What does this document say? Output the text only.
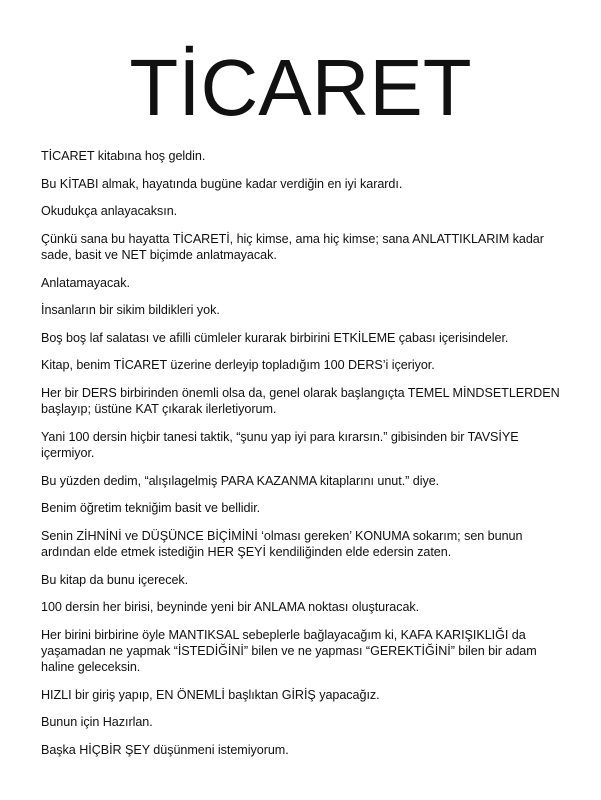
TİCARET

TİCARET kitabına hoş geldin.

Bu KİTABI almak, hayatında bugüne kadar verdiğin en iyi karardı.

Okudukça anlayacaksın.

Çünkü sana bu hayatta TİCARETİ, hiç kimse, ama hiç kimse; sana ANLATTIKLARIM kadar sade, basit ve NET biçimde anlatmayacak.

Anlatamayacak.

İnsanların bir sikim bildikleri yok.

Boş boş laf salatası ve afilli cümleler kurarak birbirini ETKİLEME çabası içerisindeler.

Kitap, benim TİCARET üzerine derleyip topladığım 100 DERS’i içeriyor.

Her bir DERS birbirinden önemli olsa da, genel olarak başlangıçta TEMEL MİNDSETLERDEN başlayıp; üstüne KAT çıkarak ilerletiyorum.

Yani 100 dersin hiçbir tanesi taktik, “şunu yap iyi para kırarsın.” gibisinden bir TAVSİYE içermiyor.

Bu yüzden dedim, “alışılagelmiş PARA KAZANMA kitaplarını unut.” diye.

Benim öğretim tekniğim basit ve bellidir.

Senin ZİHNİNİ ve DÜŞÜNCE BİÇİMİNİ ‘olması gereken’ KONUMA sokarım; sen bunun ardından elde etmek istediğin HER ŞEYİ kendiliğinden elde edersin zaten.

Bu kitap da bunu içerecek.

100 dersin her birisi, beyninde yeni bir ANLAMA noktası oluşturacak.

Her birini birbirine öyle MANTIKSAL sebeplerle bağlayacağım ki, KAFA KARIŞIKLIĞI da yaşamadan ne yapmak “İSTEDİĞİNİ” bilen ve ne yapması “GEREKTİĞİNİ” bilen bir adam haline geleceksin.

HIZLI bir giriş yapıp, EN ÖNEMLİ başlıktan GİRİŞ yapacağız.

Bunun için Hazırlan.

Başka HİÇBİR ŞEY düşünmeni istemiyorum.
